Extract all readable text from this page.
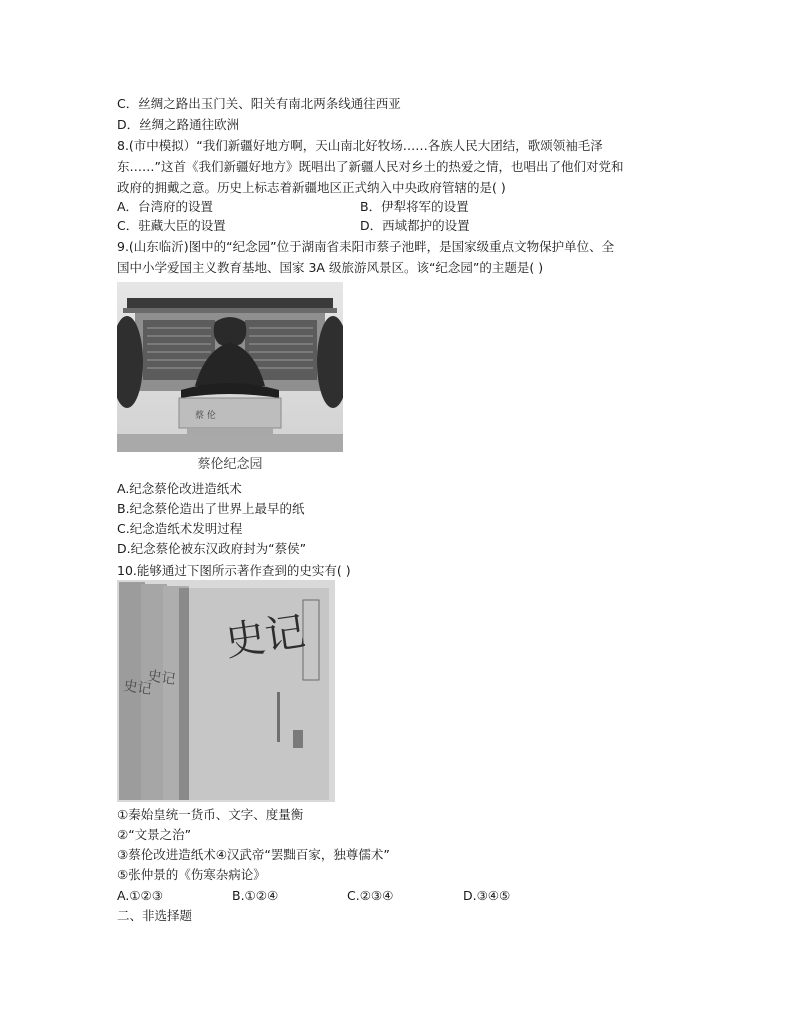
C．丝绸之路出玉门关、阳关有南北两条线通往西亚
D．丝绸之路通往欧洲
8.(市中模拟）“我们新疆好地方啊，天山南北好牧场……各族人民大团结，歌颂领袖毛泽
东……”这首《我们新疆好地方》既唱出了新疆人民对乡土的热爱之情，也唱出了他们对党和
政府的拥戴之意。历史上标志着新疆地区正式纳入中央政府管辖的是( )
A．台湾府的设置	B．伊犁将军的设置
C．驻藏大臣的设置	D．西域都护的设置
9.(山东临沂)图中的“纪念园”位于湖南省耒阳市蔡子池畔，是国家级重点文物保护单位、全
国中小学爱国主义教育基地、国家 3A 级旅游风景区。该“纪念园”的主题是( )
蔡 伦
蔡伦纪念园
A.纪念蔡伦改进造纸术
B.纪念蔡伦造出了世界上最早的纸
C.纪念造纸术发明过程
D.纪念蔡伦被东汉政府封为“蔡侯”
10.能够通过下图所示著作查到的史实有( )
史记
史记
史记
①秦始皇统一货币、文字、度量衡
②“文景之治”
③蔡伦改进造纸术④汉武帝“罢黜百家，独尊儒术”
⑤张仲景的《伤寒杂病论》
A.①②③	B.①②④	C.②③④	D.③④⑤
二、非选择题
